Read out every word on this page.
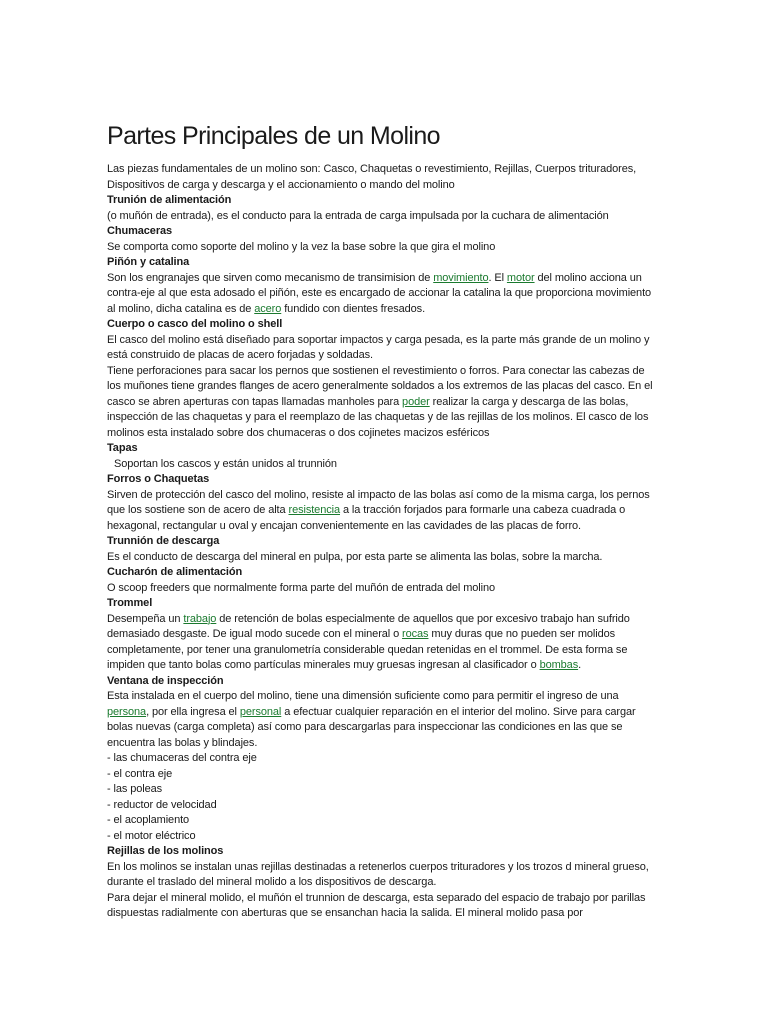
Partes Principales de un Molino

Las piezas fundamentales de un molino son: Casco, Chaquetas o revestimiento, Rejillas, Cuerpos trituradores, Dispositivos de carga y descarga y el accionamiento o mando del molino

Trunión de alimentación

(o muñón de entrada), es el conducto para la entrada de carga impulsada por la cuchara de alimentación

Chumaceras

Se comporta como soporte del molino y la vez la base sobre la que gira el molino

Piñón y catalina

Son los engranajes que sirven como mecanismo de transimision de movimiento. El motor del molino acciona un contra-eje al que esta adosado el piñón, este es encargado de accionar la catalina la que proporciona movimiento al molino, dicha catalina es de acero fundido con dientes fresados.

Cuerpo o casco del molino o shell

El casco del molino está diseñado para soportar impactos y carga pesada, es la parte más grande de un molino y está construido de placas de acero forjadas y soldadas.

Tiene perforaciones para sacar los pernos que sostienen el revestimiento o forros. Para conectar las cabezas de los muñones tiene grandes flanges de acero generalmente soldados a los extremos de las placas del casco. En el casco se abren aperturas con tapas llamadas manholes para poder realizar la carga y descarga de las bolas, inspección de las chaquetas y para el reemplazo de las chaquetas y de las rejillas de los molinos. El casco de los molinos esta instalado sobre dos chumaceras o dos cojinetes macizos esféricos

Tapas

Soportan los cascos y están unidos al trunnión

Forros o Chaquetas

Sirven de protección del casco del molino, resiste al impacto de las bolas así como de la misma carga, los pernos que los sostiene son de acero de alta resistencia a la tracción forjados para formarle una cabeza cuadrada o hexagonal, rectangular u oval y encajan convenientemente en las cavidades de las placas de forro.

Trunnión de descarga

Es el conducto de descarga del mineral en pulpa, por esta parte se alimenta las bolas, sobre la marcha.

Cucharón de alimentación

O scoop freeders que normalmente forma parte del muñón de entrada del molino

Trommel

Desempeña un trabajo de retención de bolas especialmente de aquellos que por excesivo trabajo han sufrido demasiado desgaste. De igual modo sucede con el mineral o rocas muy duras que no pueden ser molidos completamente, por tener una granulometría considerable quedan retenidas en el trommel. De esta forma se impiden que tanto bolas como partículas minerales muy gruesas ingresan al clasificador o bombas.

Ventana de inspección

Esta instalada en el cuerpo del molino, tiene una dimensión suficiente como para permitir el ingreso de una persona, por ella ingresa el personal a efectuar cualquier reparación en el interior del molino. Sirve para cargar bolas nuevas (carga completa) así como para descargarlas para inspeccionar las condiciones en las que se encuentra las bolas y blindajes.

- las chumaceras del contra eje
- el contra eje
- las poleas
- reductor de velocidad
- el acoplamiento
- el motor eléctrico
Rejillas de los molinos

En los molinos se instalan unas rejillas destinadas a retenerlos cuerpos trituradores y los trozos d mineral grueso, durante el traslado del mineral molido a los dispositivos de descarga.

Para dejar el mineral molido, el muñón el trunnion de descarga, esta separado del espacio de trabajo por parillas dispuestas radialmente con aberturas que se ensanchan hacia la salida. El mineral molido pasa por
